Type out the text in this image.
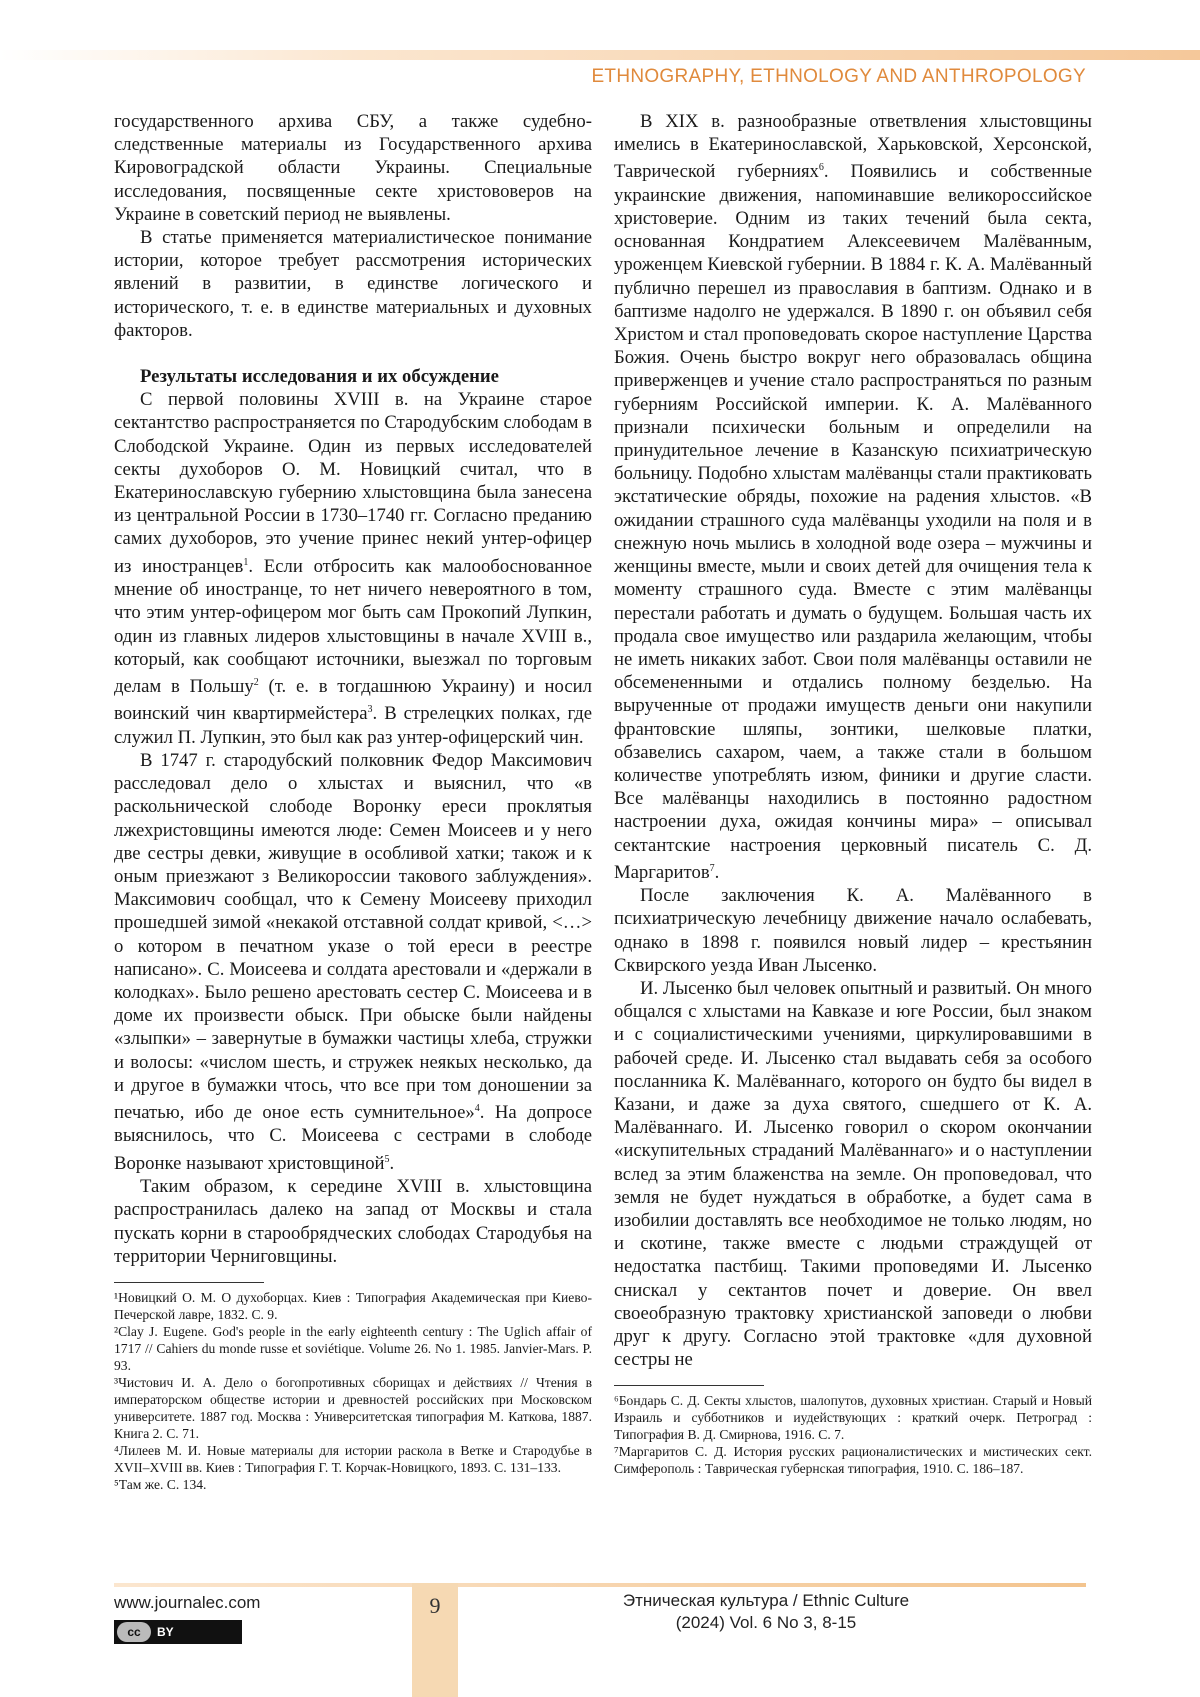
ETHNOGRAPHY, ETHNOLOGY AND ANTHROPOLOGY

государственного архива СБУ, а также судебно-следственные материалы из Государственного архива Кировоградской области Украины. Специальные исследования, посвященные секте христововеров на Украине в советский период не выявлены.

В статье применяется материалистическое понимание истории, которое требует рассмотрения исторических явлений в развитии, в единстве логического и исторического, т. е. в единстве материальных и духовных факторов.

Результаты исследования и их обсуждение

С первой половины XVIII в. на Украине старое сектантство распространяется по Стародубским слободам в Слободской Украине. Один из первых исследователей секты духоборов О. М. Новицкий считал, что в Екатеринославскую губернию хлыстовщина была занесена из центральной России в 1730–1740 гг. Согласно преданию самих духоборов, это учение принес некий унтер-офицер из иностранцев$^1$. Если отбросить как малообоснованное мнение об иностранце, то нет ничего невероятного в том, что этим унтер-офицером мог быть сам Прокопий Лупкин, один из главных лидеров хлыстовщины в начале XVIII в., который, как сообщают источники, выезжал по торговым делам в Польшу$^2$ (т. е. в тогдашнюю Украину) и носил воинский чин квартирмейстера$^3$. В стрелецких полках, где служил П. Лупкин, это был как раз унтер-офицерский чин.

В 1747 г. стародубский полковник Федор Максимович расследовал дело о хлыстах и выяснил, что «в раскольнической слободе Воронку ереси проклятыя лжехристовщины имеются люде: Семен Моисеев и у него две сестры девки, живущие в особливой хатки; також и к оным приезжают з Великороссии такового заблуждения». Максимович сообщал, что к Семену Моисееву приходил прошедшей зимой «некакой отставной солдат кривой, <…> о котором в печатном указе о той ереси в реестре написано». С. Моисеева и солдата арестовали и «держали в колодках». Было решено арестовать сестер С. Моисеева и в доме их произвести обыск. При обыске были найдены «злыпки» – завернутые в бумажки частицы хлеба, стружки и волосы: «числом шесть, и стружек неякых несколько, да и другое в бумажки чтось, что все при том доношении за печатью, ибо де оное есть сумнительное»$^4$. На допросе выяснилось, что С. Моисеева с сестрами в слободе Воронке называют христовщиной$^5$.

Таким образом, к середине XVIII в. хлыстовщина распространилась далеко на запад от Москвы и стала пускать корни в старообрядческих слободах Стародубья на территории Черниговщины.

¹Новицкий О. М. О духоборцах. Киев : Типография Академическая при Киево-Печерской лавре, 1832. С. 9.

²Clay J. Eugene. God's people in the early eighteenth century : The Uglich affair of 1717 // Cahiers du monde russe et soviétique. Volume 26. No 1. 1985. Janvier-Mars. P. 93.

³Чистович И. А. Дело о богопротивных сборищах и действиях // Чтения в императорском обществе истории и древностей российских при Московском университете. 1887 год. Москва : Университетская типография М. Каткова, 1887. Книга 2. С. 71.

⁴Лилеев М. И. Новые материалы для истории раскола в Ветке и Стародубье в XVII–XVIII вв. Киев : Типография Г. Т. Корчак-Новицкого, 1893. С. 131–133.

⁵Там же. С. 134.

В XIX в. разнообразные ответвления хлыстовщины имелись в Екатеринославской, Харьковской, Херсонской, Таврической губерниях$^6$. Появились и собственные украинские движения, напоминавшие великороссийское христоверие. Одним из таких течений была секта, основанная Кондратием Алексеевичем Малёванным, уроженцем Киевской губернии. В 1884 г. К. А. Малёванный публично перешел из православия в баптизм. Однако и в баптизме надолго не удержался. В 1890 г. он объявил себя Христом и стал проповедовать скорое наступление Царства Божия. Очень быстро вокруг него образовалась община приверженцев и учение стало распространяться по разным губерниям Российской империи. К. А. Малёванного признали психически больным и определили на принудительное лечение в Казанскую психиатрическую больницу. Подобно хлыстам малёванцы стали практиковать экстатические обряды, похожие на радения хлыстов. «В ожидании страшного суда малёванцы уходили на поля и в снежную ночь мылись в холодной воде озера – мужчины и женщины вместе, мыли и своих детей для очищения тела к моменту страшного суда. Вместе с этим малёванцы перестали работать и думать о будущем. Большая часть их продала свое имущество или раздарила желающим, чтобы не иметь никаких забот. Свои поля малёванцы оставили не обсемененными и отдались полному безделью. На вырученные от продажи имуществ деньги они накупили франтовские шляпы, зонтики, шелковые платки, обзавелись сахаром, чаем, а также стали в большом количестве употреблять изюм, финики и другие сласти. Все малёванцы находились в постоянно радостном настроении духа, ожидая кончины мира» – описывал сектантские настроения церковный писатель С. Д. Маргаритов$^7$.

После заключения К. А. Малёванного в психиатрическую лечебницу движение начало ослабевать, однако в 1898 г. появился новый лидер – крестьянин Сквирского уезда Иван Лысенко.

И. Лысенко был человек опытный и развитый. Он много общался с хлыстами на Кавказе и юге России, был знаком и с социалистическими учениями, циркулировавшими в рабочей среде. И. Лысенко стал выдавать себя за особого посланника К. Малёваннаго, которого он будто бы видел в Казани, и даже за духа святого, сшедшего от К. А. Малёваннаго. И. Лысенко говорил о скором окончании «искупительных страданий Малёваннаго» и о наступлении вслед за этим блаженства на земле. Он проповедовал, что земля не будет нуждаться в обработке, а будет сама в изобилии доставлять все необходимое не только людям, но и скотине, также вместе с людьми страждущей от недостатка пастбищ. Такими проповедями И. Лысенко снискал у сектантов почет и доверие. Он ввел своеобразную трактовку христианской заповеди о любви друг к другу. Согласно этой трактовке «для духовной сестры не

⁶Бондарь С. Д. Секты хлыстов, шалопутов, духовных христиан. Старый и Новый Израиль и субботников и иудействующих : краткий очерк. Петроград : Типография В. Д. Смирнова, 1916. С. 7.

⁷Маргаритов С. Д. История русских рационалистических и мистических сект. Симферополь : Таврическая губернская типография, 1910. С. 186–187.

9
www.journalec.com
cc	BY
Этническая культура / Ethnic Culture
(2024) Vol. 6 No 3, 8-15
